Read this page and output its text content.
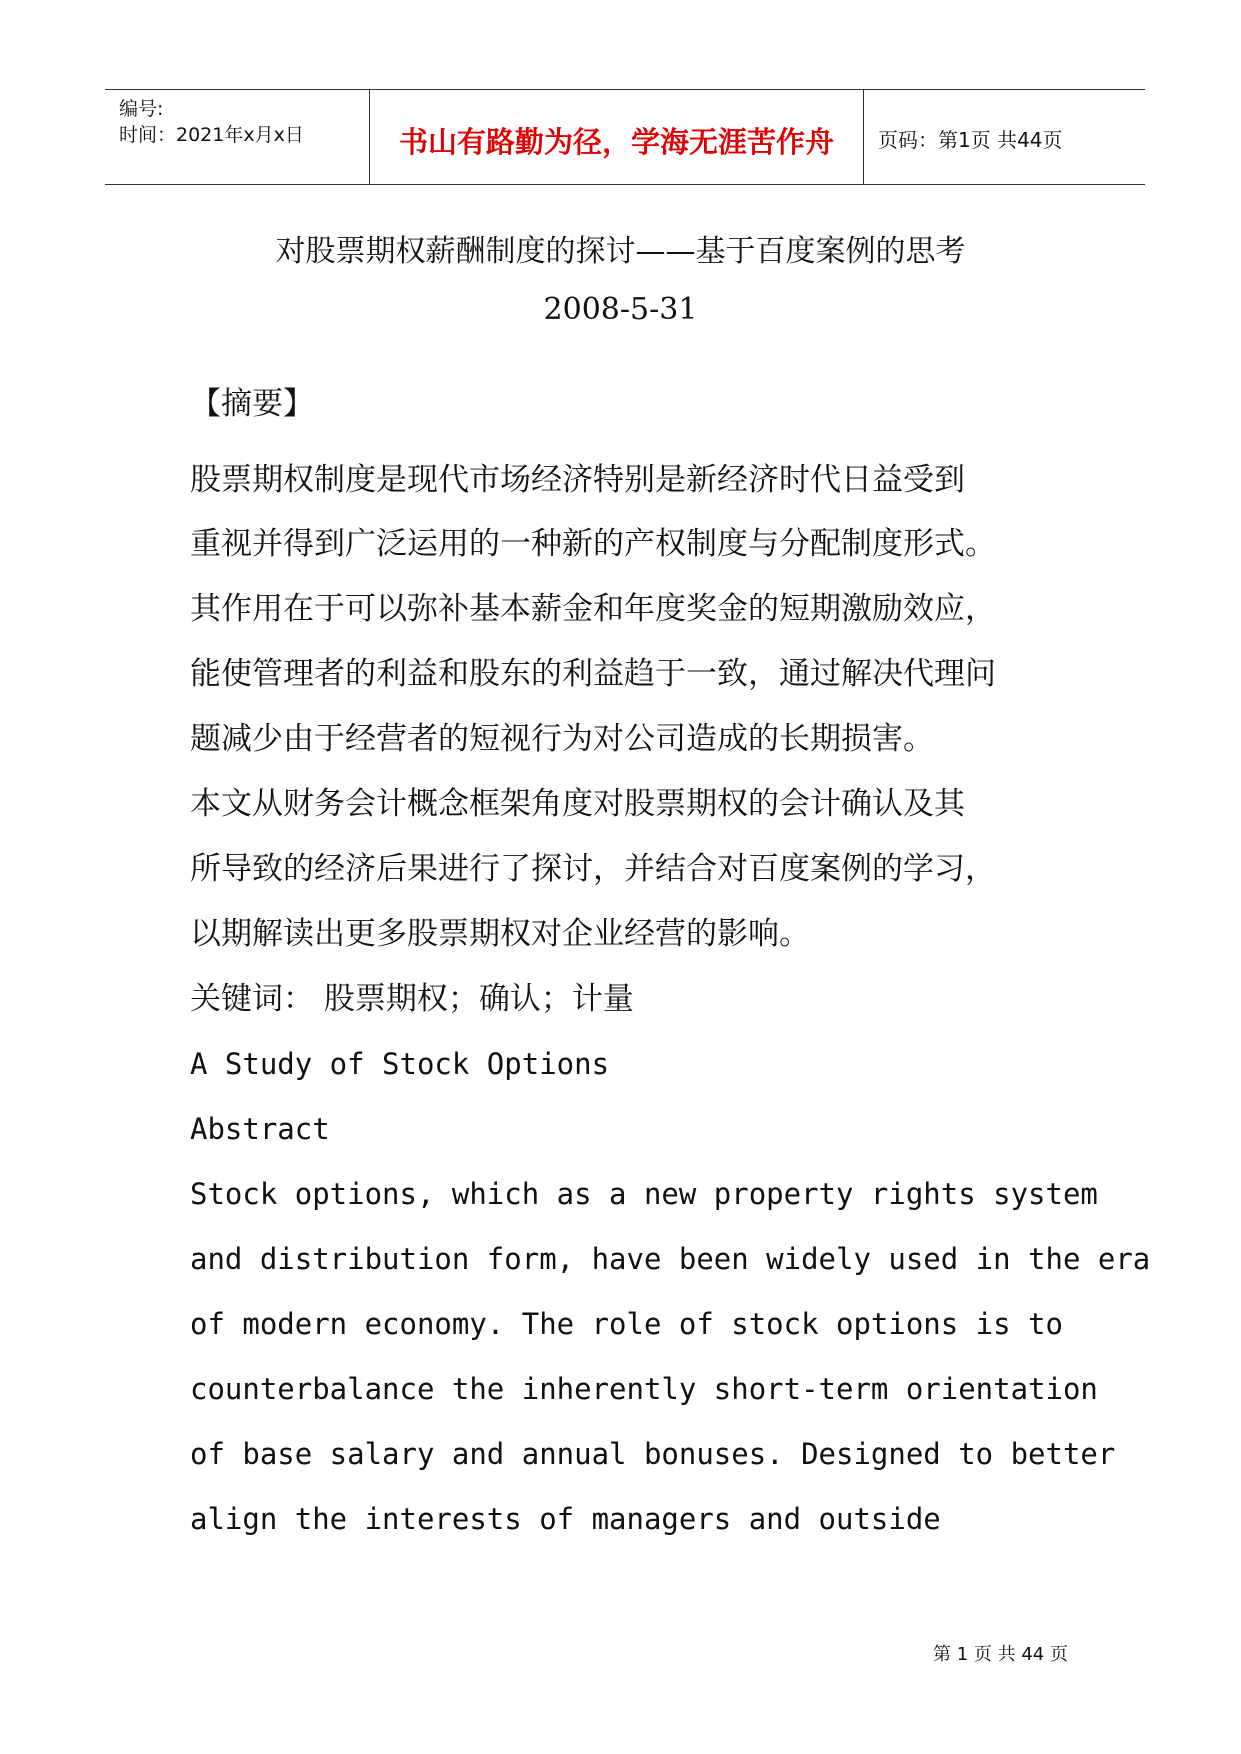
编号:
时间：2021年x月x日	书山有路勤为径，学海无涯苦作舟	页码：第1页 共44页
对股票期权薪酬制度的探讨——基于百度案例的思考
2008-5-31
【摘要】
股票期权制度是现代市场经济特别是新经济时代日益受到
重视并得到广泛运用的一种新的产权制度与分配制度形式。
其作用在于可以弥补基本薪金和年度奖金的短期激励效应，
能使管理者的利益和股东的利益趋于一致，通过解决代理问
题减少由于经营者的短视行为对公司造成的长期损害。
本文从财务会计概念框架角度对股票期权的会计确认及其
所导致的经济后果进行了探讨，并结合对百度案例的学习，
以期解读出更多股票期权对企业经营的影响。
关键词： 股票期权；确认；计量
A Study of Stock Options
Abstract
Stock options, which as a new property rights system
and distribution form, have been widely used in the era
of modern economy. The role of stock options is to
counterbalance the inherently short-term orientation
of base salary and annual bonuses. Designed to better
align the interests of managers and outside
第 1 页 共 44 页
